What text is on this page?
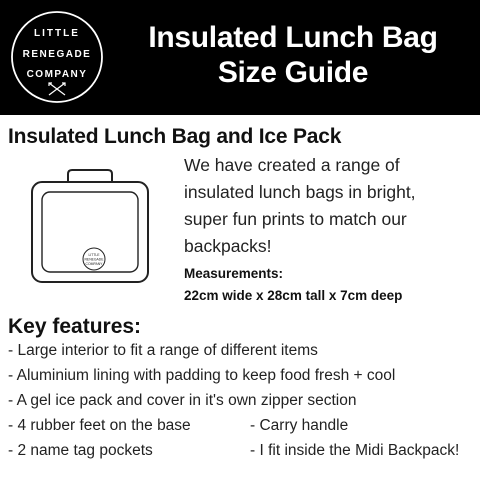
LITTLE
RENEGADE
COMPANY
Insulated Lunch Bag
Size Guide
Insulated Lunch Bag and Ice Pack
LITTLE
RENEGADE
COMPANY
We have created a range of
insulated lunch bags in bright,
super fun prints to match our
backpacks!
Measurements:
22cm wide x 28cm tall x 7cm deep
Key features:
- Large interior to fit a range of different items
- Aluminium lining with padding to keep food fresh + cool
- A gel ice pack and cover in it's own zipper section
- 4 rubber feet on the base	- Carry handle
- 2 name tag pockets	- I fit inside the Midi Backpack!
